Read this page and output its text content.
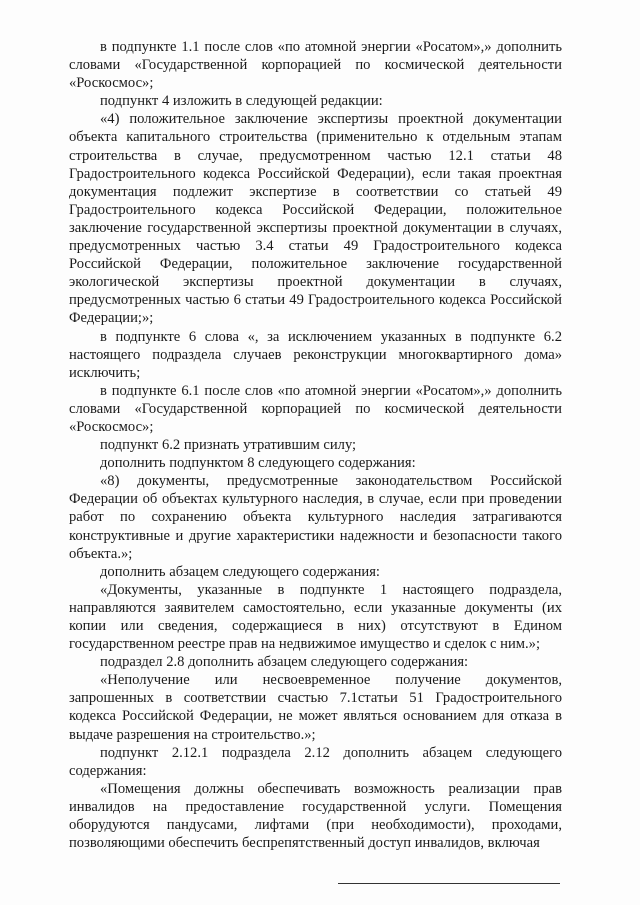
в подпункте 1.1 после слов «по атомной энергии «Росатом»,» дополнить словами «Государственной корпорацией по космической деятельности «Роскосмос»;

подпункт 4 изложить в следующей редакции:

«4) положительное заключение экспертизы проектной документации объекта капитального строительства (применительно к отдельным этапам строительства в случае, предусмотренном частью 12.1 статьи 48 Градостроительного кодекса Российской Федерации), если такая проектная документация подлежит экспертизе в соответствии со статьей 49 Градостроительного кодекса Российской Федерации, положительное заключение государственной экспертизы проектной документации в случаях, предусмотренных частью 3.4 статьи 49 Градостроительного кодекса Российской Федерации, положительное заключение государственной экологической экспертизы проектной документации в случаях, предусмотренных частью 6 статьи 49 Градостроительного кодекса Российской Федерации;»;

в подпункте 6 слова «, за исключением указанных в подпункте 6.2 настоящего подраздела случаев реконструкции многоквартирного дома» исключить;

в подпункте 6.1 после слов «по атомной энергии «Росатом»,» дополнить словами «Государственной корпорацией по космической деятельности «Роскосмос»;

подпункт 6.2 признать утратившим силу;

дополнить подпунктом 8 следующего содержания:

«8) документы, предусмотренные законодательством Российской Федерации об объектах культурного наследия, в случае, если при проведении работ по сохранению объекта культурного наследия затрагиваются конструктивные и другие характеристики надежности и безопасности такого объекта.»;

дополнить абзацем следующего содержания:

«Документы, указанные в подпункте 1 настоящего подраздела, направляются заявителем самостоятельно, если указанные документы (их копии или сведения, содержащиеся в них) отсутствуют в Едином государственном реестре прав на недвижимое имущество и сделок с ним.»;

подраздел 2.8 дополнить абзацем следующего содержания:

«Неполучение или несвоевременное получение документов, запрошенных в соответствии счастью 7.1статьи 51 Градостроительного кодекса Российской Федерации, не может являться основанием для отказа в выдаче разрешения на строительство.»;

подпункт 2.12.1 подраздела 2.12 дополнить абзацем следующего содержания:

«Помещения должны обеспечивать возможность реализации прав инвалидов на предоставление государственной услуги. Помещения оборудуются пандусами, лифтами (при необходимости), проходами, позволяющими обеспечить беспрепятственный доступ инвалидов, включая
